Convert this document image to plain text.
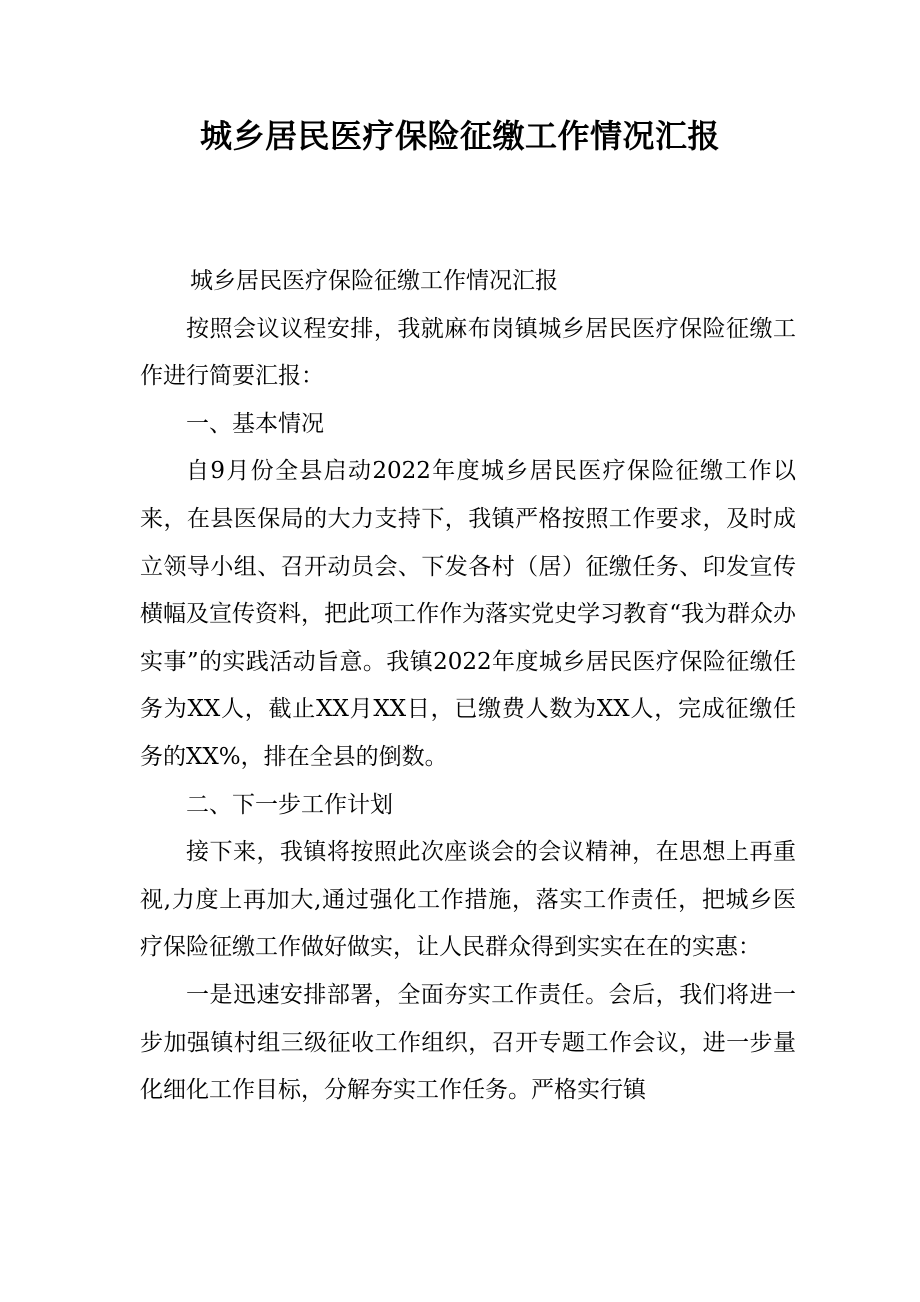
城乡居民医疗保险征缴工作情况汇报

城乡居民医疗保险征缴工作情况汇报

按照会议议程安排，我就麻布岗镇城乡居民医疗保险征缴工作进行简要汇报：

一、基本情况

自9月份全县启动2022年度城乡居民医疗保险征缴工作以来，在县医保局的大力支持下，我镇严格按照工作要求，及时成立领导小组、召开动员会、下发各村（居）征缴任务、印发宣传横幅及宣传资料，把此项工作作为落实党史学习教育“我为群众办实事”的实践活动旨意。我镇2022年度城乡居民医疗保险征缴任务为XX人，截止XX月XX日，已缴费人数为XX人，完成征缴任务的XX%，排在全县的倒数。

二、下一步工作计划

接下来，我镇将按照此次座谈会的会议精神，在思想上再重视,力度上再加大,通过强化工作措施，落实工作责任，把城乡医疗保险征缴工作做好做实，让人民群众得到实实在在的实惠：

一是迅速安排部署，全面夯实工作责任。会后，我们将进一步加强镇村组三级征收工作组织，召开专题工作会议，进一步量化细化工作目标，分解夯实工作任务。严格实行镇
